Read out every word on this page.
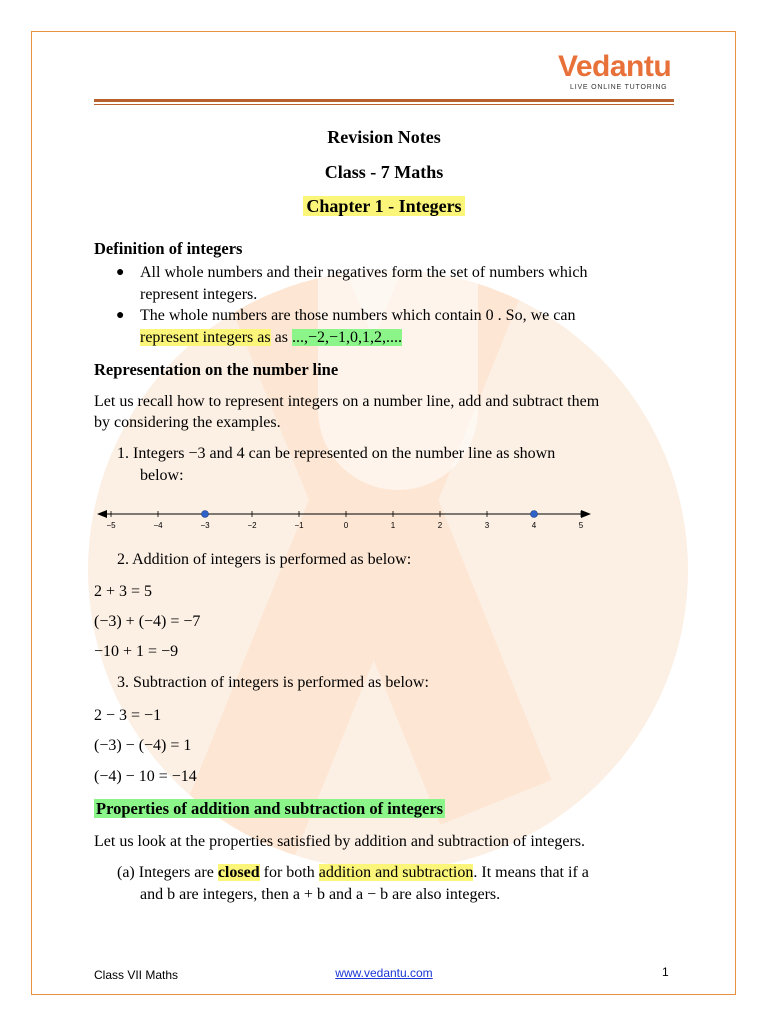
Vedantu
LIVE ONLINE TUTORING
Revision Notes
Class - 7 Maths
Chapter 1 - Integers
Definition of integers
● All whole numbers and their negatives form the set of numbers which
represent integers.
● The whole numbers are those numbers which contain 0 . So, we can
represent integers as as ...,−2,−1,0,1,2,....
Representation on the number line
Let us recall how to represent integers on a number line, add and subtract them
by considering the examples.
1. Integers −3 and 4 can be represented on the number line as shown
below:
−5	−4	−3	−2	−1	0	1	2	3	4	5
2. Addition of integers is performed as below:
2 + 3 = 5
(−3) + (−4) = −7
−10 + 1 = −9
3. Subtraction of integers is performed as below:
2 − 3 = −1
(−3) − (−4) = 1
(−4) − 10 = −14
Properties of addition and subtraction of integers
Let us look at the properties satisfied by addition and subtraction of integers.
(a) Integers are closed for both addition and subtraction. It means that if a
and b are integers, then a + b and a − b are also integers.
Class VII Maths	www.vedantu.com	1
